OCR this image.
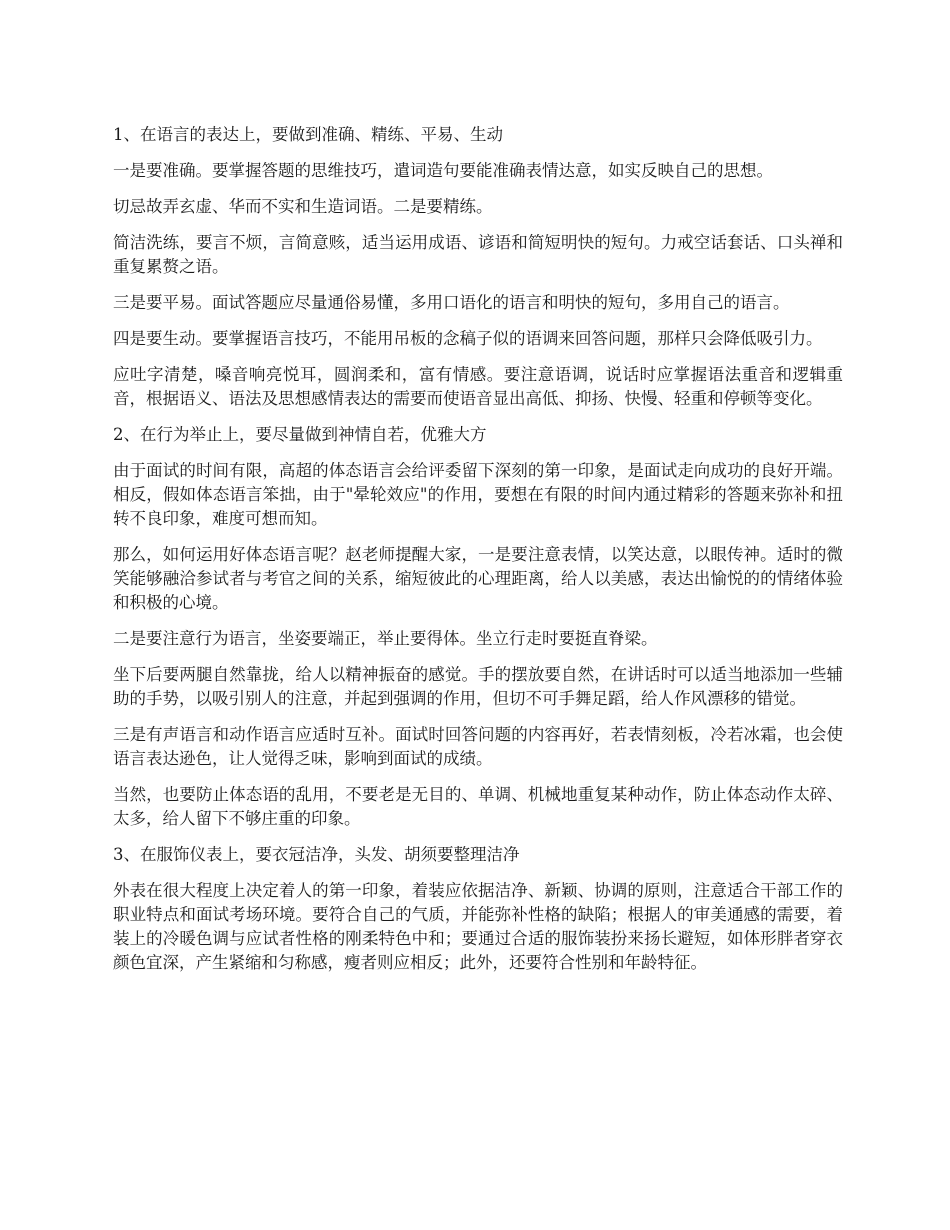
1、在语言的表达上，要做到准确、精练、平易、生动

一是要准确。要掌握答题的思维技巧，遣词造句要能准确表情达意，如实反映自己的思想。

切忌故弄玄虚、华而不实和生造词语。二是要精练。

简洁洗练，要言不烦，言简意赅，适当运用成语、谚语和简短明快的短句。力戒空话套话、口头禅和重复累赘之语。

三是要平易。面试答题应尽量通俗易懂，多用口语化的语言和明快的短句，多用自己的语言。

四是要生动。要掌握语言技巧，不能用吊板的念稿子似的语调来回答问题，那样只会降低吸引力。

应吐字清楚，嗓音响亮悦耳，圆润柔和，富有情感。要注意语调，说话时应掌握语法重音和逻辑重音，根据语义、语法及思想感情表达的需要而使语音显出高低、抑扬、快慢、轻重和停顿等变化。

2、在行为举止上，要尽量做到神情自若，优雅大方

由于面试的时间有限，高超的体态语言会给评委留下深刻的第一印象，是面试走向成功的良好开端。相反，假如体态语言笨拙，由于"晕轮效应"的作用，要想在有限的时间内通过精彩的答题来弥补和扭转不良印象，难度可想而知。

那么，如何运用好体态语言呢？赵老师提醒大家，一是要注意表情，以笑达意，以眼传神。适时的微笑能够融洽参试者与考官之间的关系，缩短彼此的心理距离，给人以美感，表达出愉悦的的情绪体验和积极的心境。

二是要注意行为语言，坐姿要端正，举止要得体。坐立行走时要挺直脊梁。

坐下后要两腿自然靠拢，给人以精神振奋的感觉。手的摆放要自然，在讲话时可以适当地添加一些辅助的手势，以吸引别人的注意，并起到强调的作用，但切不可手舞足蹈，给人作风漂移的错觉。

三是有声语言和动作语言应适时互补。面试时回答问题的内容再好，若表情刻板，冷若冰霜，也会使语言表达逊色，让人觉得乏味，影响到面试的成绩。

当然，也要防止体态语的乱用，不要老是无目的、单调、机械地重复某种动作，防止体态动作太碎、太多，给人留下不够庄重的印象。

3、在服饰仪表上，要衣冠洁净，头发、胡须要整理洁净

外表在很大程度上决定着人的第一印象，着装应依据洁净、新颖、协调的原则，注意适合干部工作的职业特点和面试考场环境。要符合自己的气质，并能弥补性格的缺陷；根据人的审美通感的需要，着装上的冷暖色调与应试者性格的刚柔特色中和；要通过合适的服饰装扮来扬长避短，如体形胖者穿衣颜色宜深，产生紧缩和匀称感，瘦者则应相反；此外，还要符合性别和年龄特征。
